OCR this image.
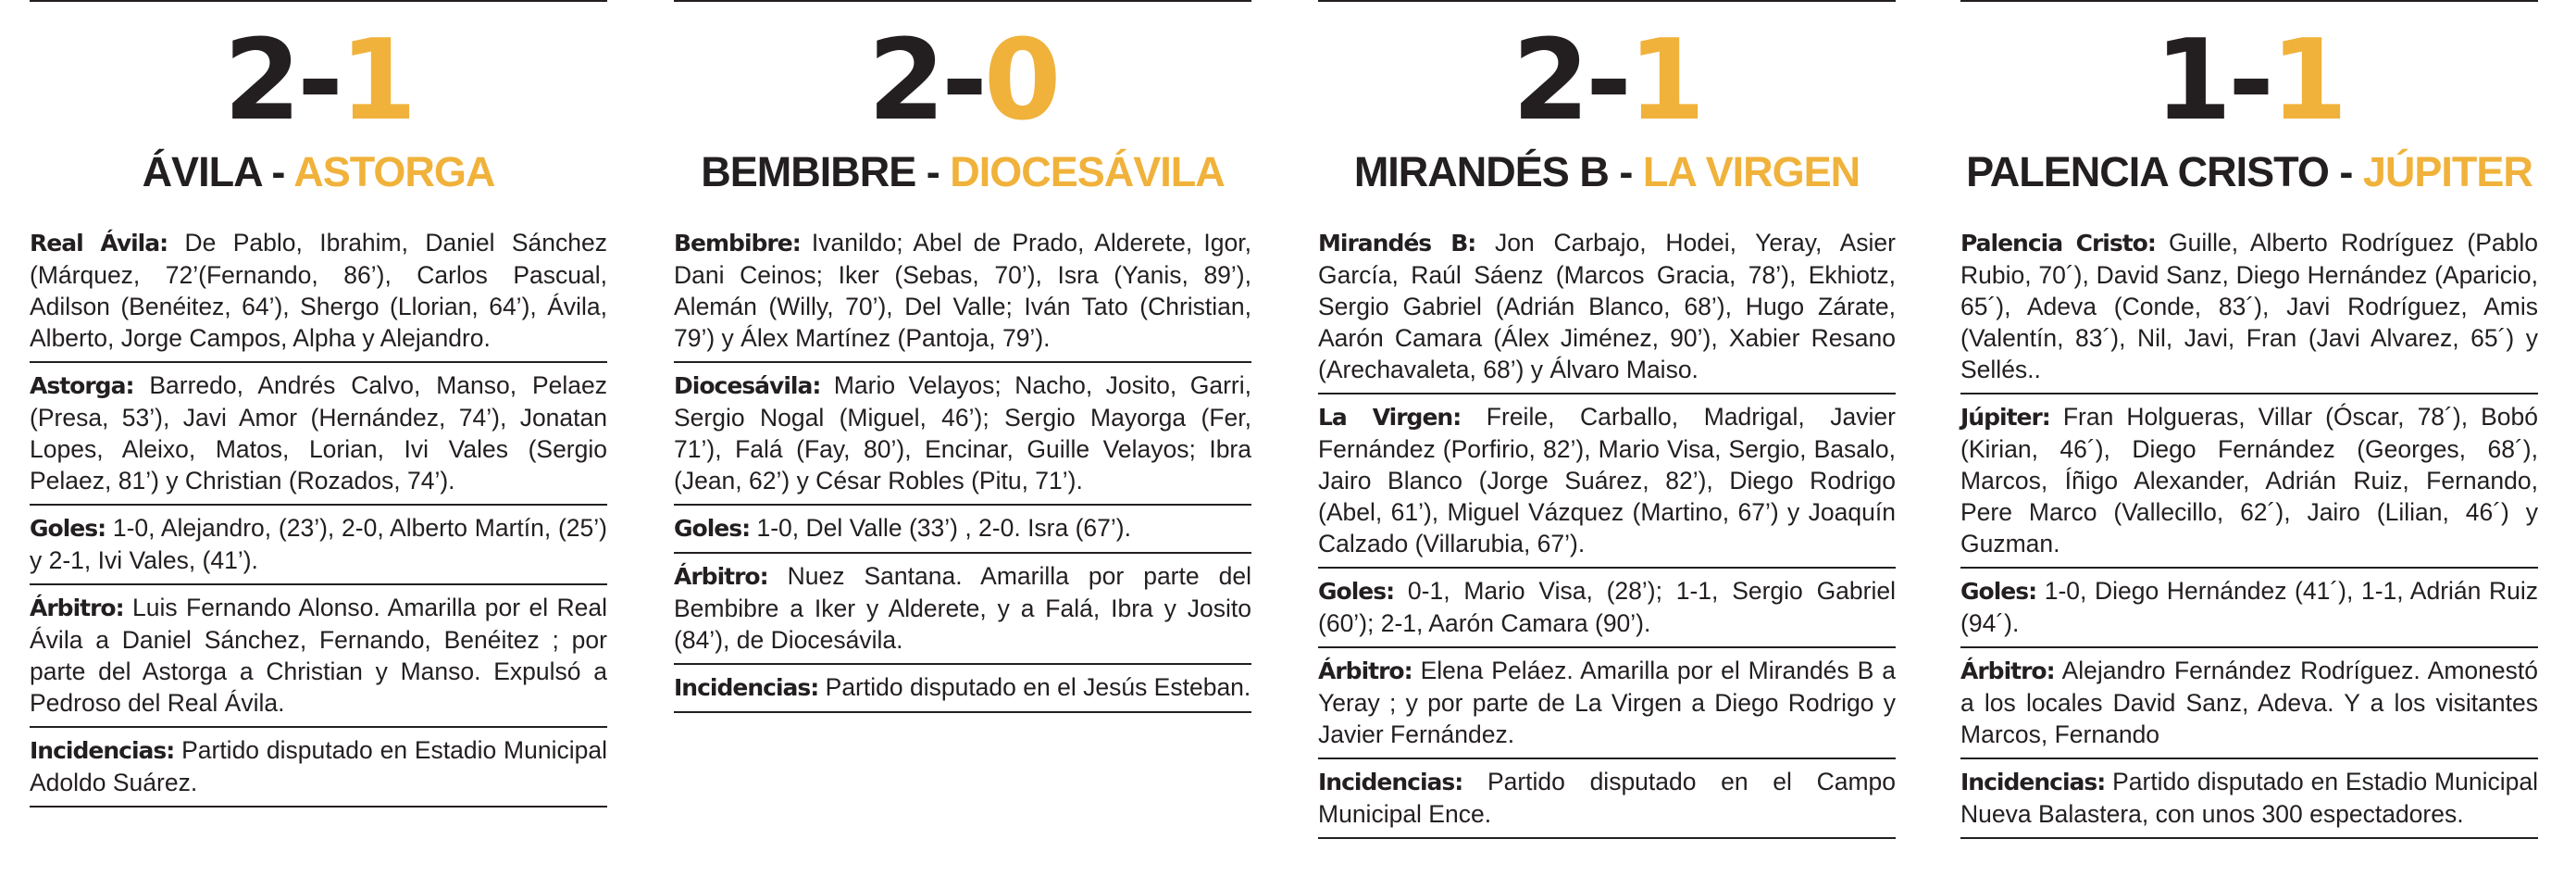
2-1
ÁVILA - ASTORGA
Real Ávila: De Pablo, Ibrahim, Daniel Sánchez (Márquez, 72’(Fernando, 86’), Carlos Pascual, Adilson (Benéitez, 64’), Shergo (Llorian, 64’), Ávila, Alberto, Jorge Campos, Alpha y Alejandro.
Astorga: Barredo, Andrés Calvo, Manso, Pelaez (Presa, 53’), Javi Amor (Hernández, 74’), Jonatan Lopes, Aleixo, Matos, Lorian, Ivi Vales (Sergio Pelaez, 81’) y Christian (Rozados, 74’).
Goles: 1-0, Alejandro, (23’), 2-0, Alberto Martín, (25’) y 2-1, Ivi Vales, (41’).
Árbitro: Luis Fernando Alonso. Amarilla por el Real Ávila a Daniel Sánchez, Fernando, Benéitez ; por parte del Astorga a Christian y Manso. Expulsó a Pedroso del Real Ávila.
Incidencias: Partido disputado en Estadio Municipal Adoldo Suárez.
2-0
BEMBIBRE - DIOCESÁVILA
Bembibre: Ivanildo; Abel de Prado, Alderete, Igor, Dani Ceinos; Iker (Sebas, 70’), Isra (Yanis, 89’), Alemán (Willy, 70’), Del Valle; Iván Tato (Christian, 79’) y Álex Martínez (Pantoja, 79’).
Diocesávila: Mario Velayos; Nacho, Josito, Garri, Sergio Nogal (Miguel, 46’); Sergio Mayorga (Fer, 71’), Falá (Fay, 80’), Encinar, Guille Velayos; Ibra (Jean, 62’) y César Robles (Pitu, 71’).
Goles: 1-0, Del Valle (33’) , 2-0. Isra (67’).
Árbitro: Nuez Santana. Amarilla por parte del Bembibre a Iker y Alderete, y a Falá, Ibra y Josito (84’), de Diocesávila.
Incidencias: Partido disputado en el Jesús Esteban.
2-1
MIRANDÉS B - LA VIRGEN
Mirandés B: Jon Carbajo, Hodei, Yeray, Asier García, Raúl Sáenz (Marcos Gracia, 78’), Ekhiotz, Sergio Gabriel (Adrián Blanco, 68’), Hugo Zárate, Aarón Camara (Álex Jiménez, 90’), Xabier Resano (Arechavaleta, 68’) y Álvaro Maiso.
La Virgen: Freile, Carballo, Madrigal, Javier Fernández (Porfirio, 82’), Mario Visa, Sergio, Basalo, Jairo Blanco (Jorge Suárez, 82’), Diego Rodrigo (Abel, 61’), Miguel Vázquez (Martino, 67’) y Joaquín Calzado (Villarubia, 67’).
Goles: 0-1, Mario Visa, (28’); 1-1, Sergio Gabriel (60’); 2-1, Aarón Camara (90’).
Árbitro: Elena Peláez. Amarilla por el Mirandés B a Yeray ; y por parte de La Virgen a Diego Rodrigo y Javier Fernández.
Incidencias: Partido disputado en el Campo Municipal Ence.
1-1
PALENCIA CRISTO - JÚPITER
Palencia Cristo: Guille, Alberto Rodríguez (Pablo Rubio, 70´), David Sanz, Diego Hernández (Aparicio, 65´), Adeva (Conde, 83´), Javi Rodríguez, Amis (Valentín, 83´), Nil, Javi, Fran (Javi Alvarez, 65´) y Sellés..
Júpiter: Fran Holgueras, Villar (Óscar, 78´), Bobó (Kirian, 46´), Diego Fernández (Georges, 68´), Marcos, Íñigo Alexander, Adrián Ruiz, Fernando, Pere Marco (Vallecillo, 62´), Jairo (Lilian, 46´) y Guzman.
Goles: 1-0, Diego Hernández (41´), 1-1, Adrián Ruiz (94´).
Árbitro: Alejandro Fernández Rodríguez. Amonestó a los locales David Sanz, Adeva. Y a los visitantes Marcos, Fernando
Incidencias: Partido disputado en Estadio Municipal Nueva Balastera, con unos 300 espectadores.
